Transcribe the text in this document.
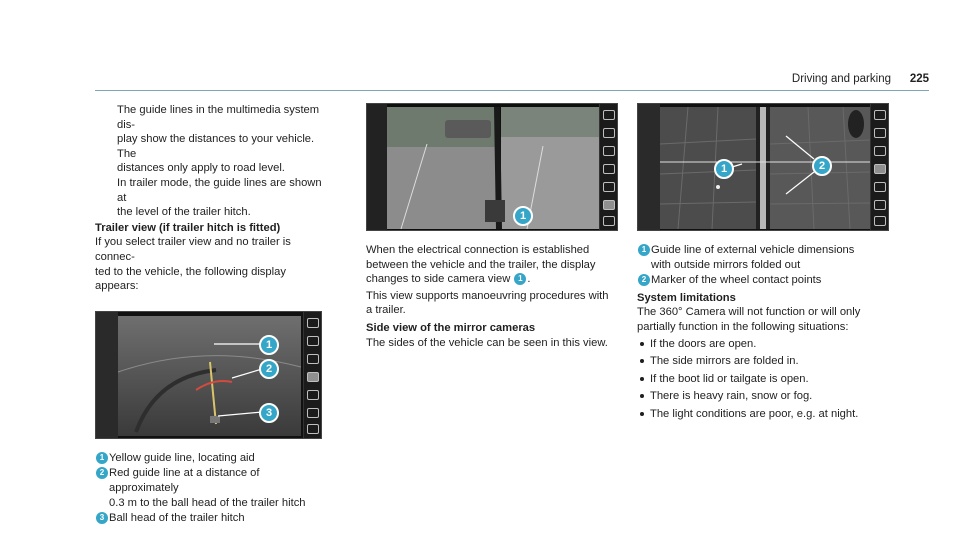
Driving and parking 225

The guide lines in the multimedia system dis-

play show the distances to your vehicle. The

distances only apply to road level.

In trailer mode, the guide lines are shown at

the level of the trailer hitch.

Trailer view (if trailer hitch is fitted)

If you select trailer view and no trailer is connec-

ted to the vehicle, the following display appears:

1
2
3
1 Yellow guide line, locating aid

2 Red guide line at a distance of approximately

0.3 m to the ball head of the trailer hitch

3 Ball head of the trailer hitch

1

When the electrical connection is established

between the vehicle and the trailer, the display

changes to side camera view 1 .

This view supports manoeuvring procedures with

a trailer.

Side view of the mirror cameras

The sides of the vehicle can be seen in this view.

1	2
1 Guide line of external vehicle dimensions

with outside mirrors folded out

2 Marker of the wheel contact points

System limitations

The 360° Camera will not function or will only

partially function in the following situations:

If the doors are open.
The side mirrors are folded in.
If the boot lid or tailgate is open.
There is heavy rain, snow or fog.
The light conditions are poor, e.g. at night.
